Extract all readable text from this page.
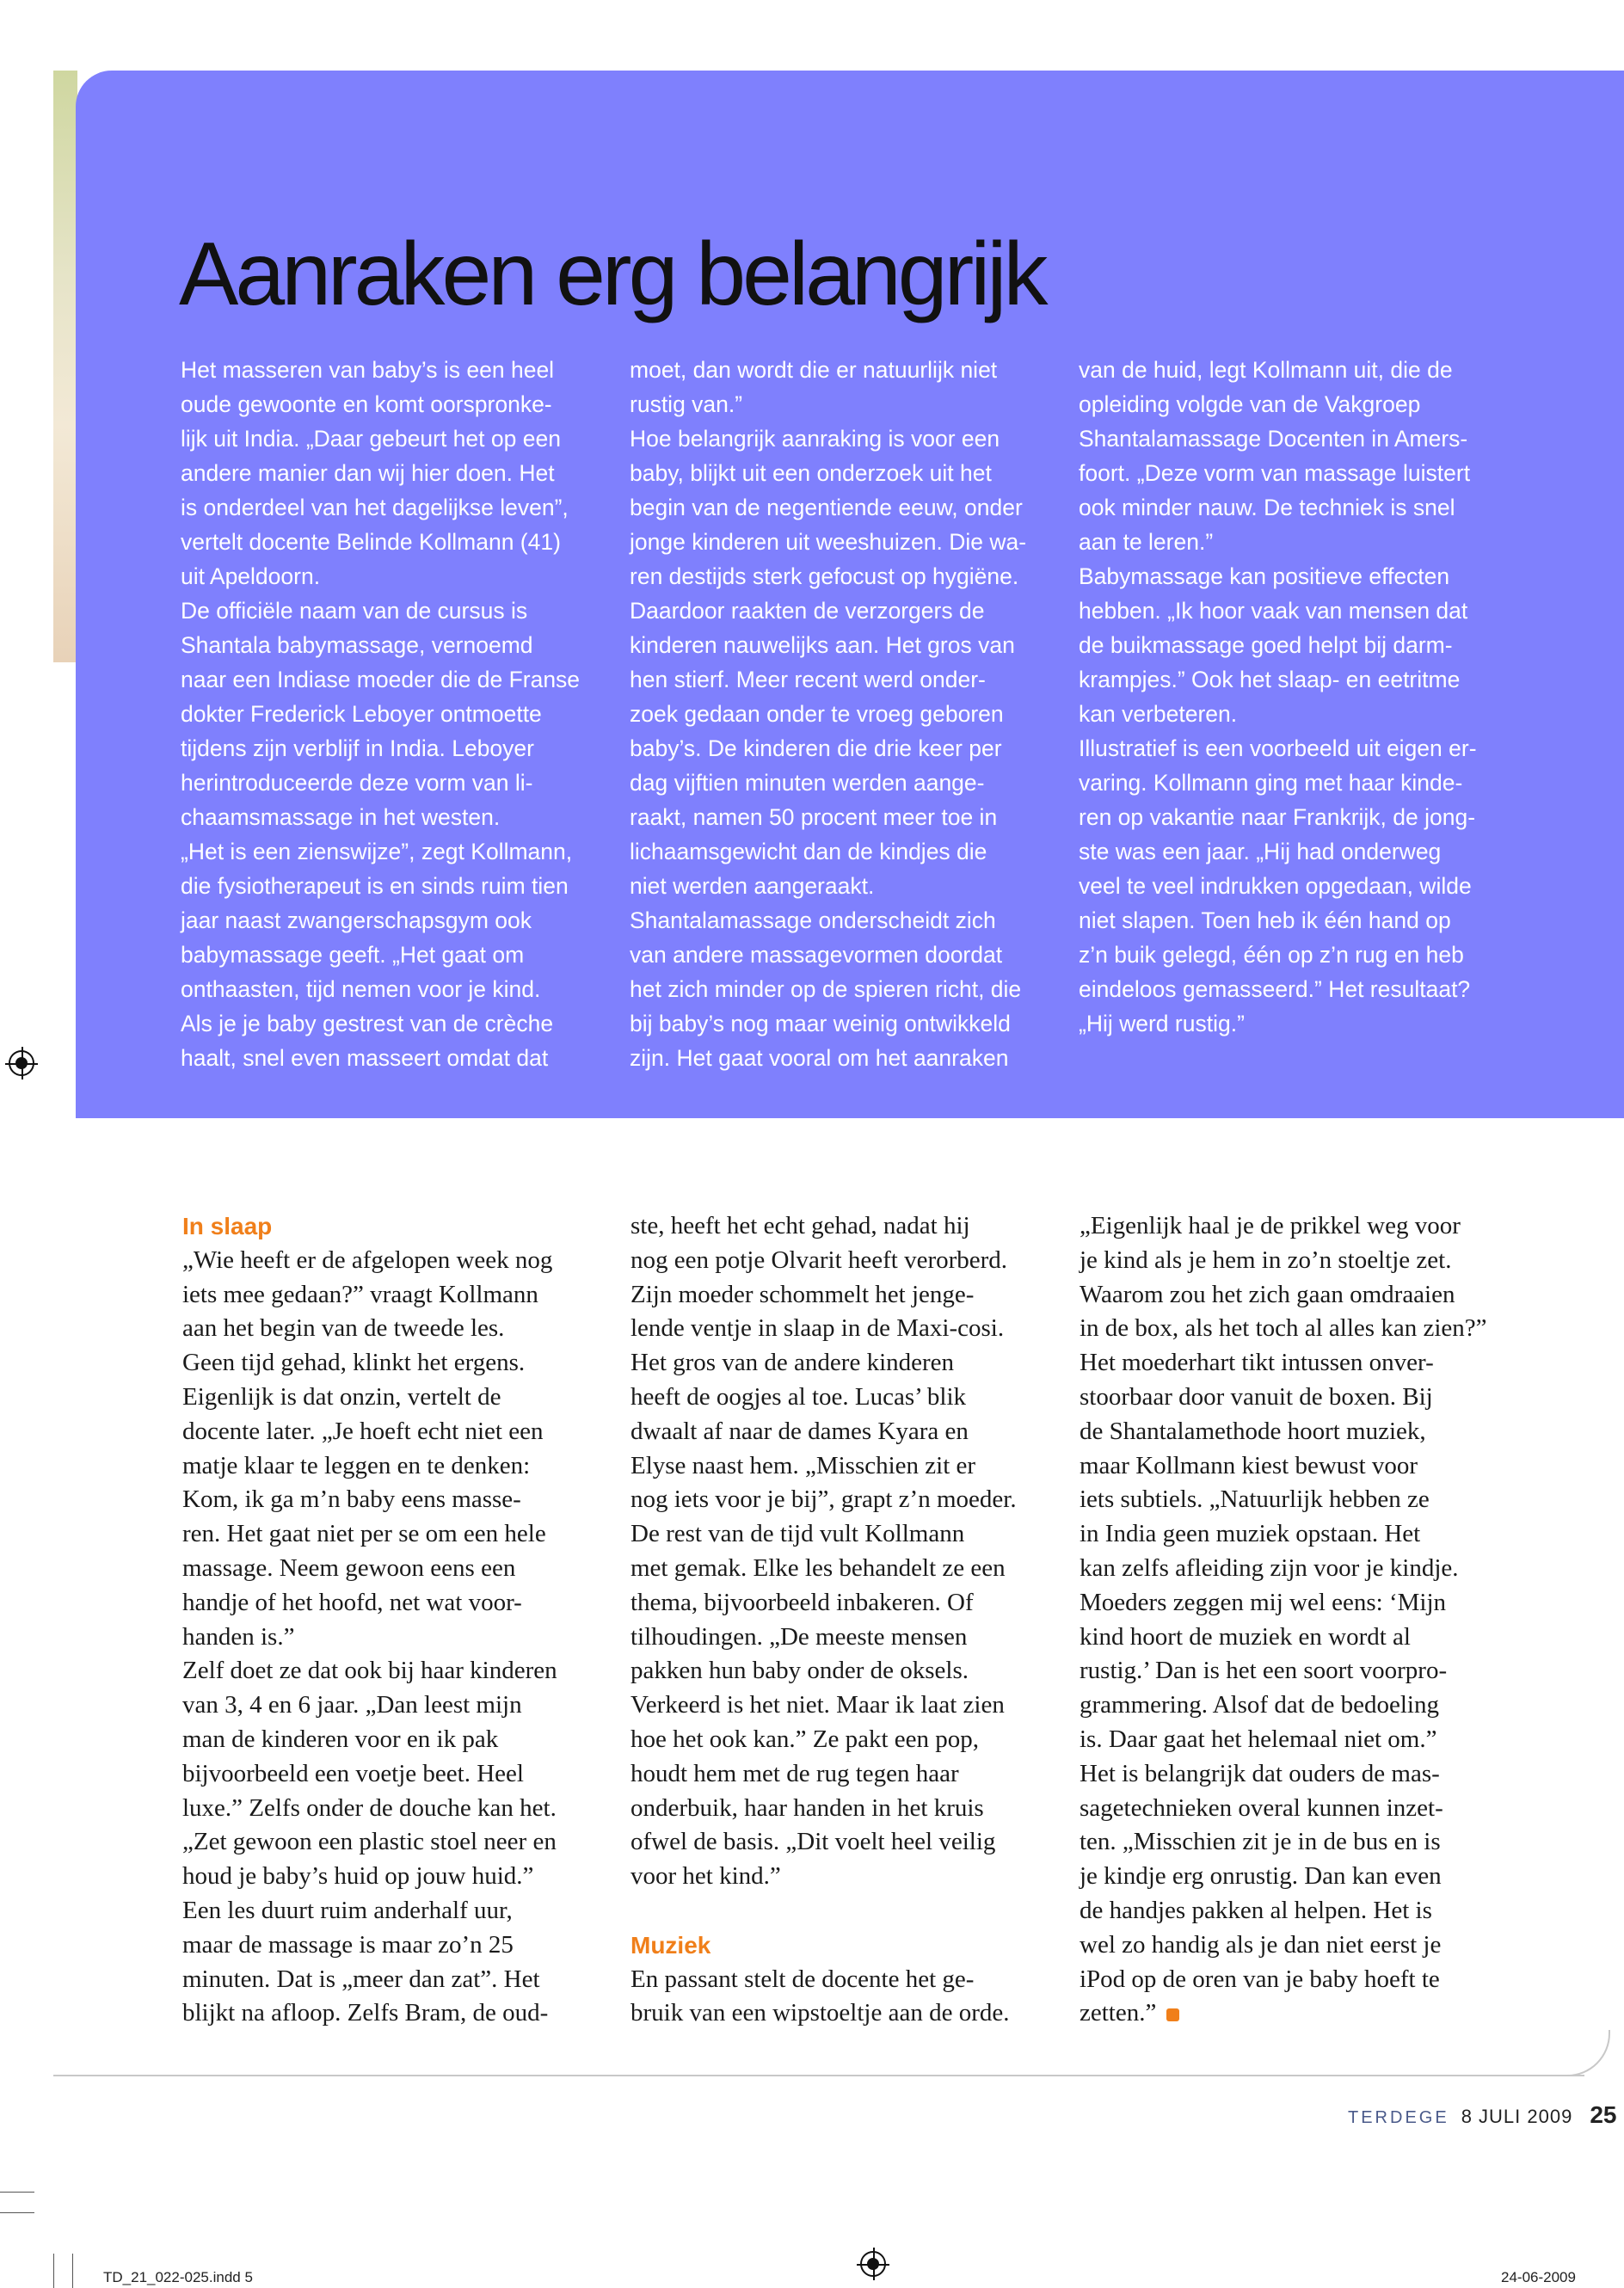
Aanraken erg belangrijk
Het masseren van baby’s is een heel
oude gewoonte en komt oorspronke-
lijk uit India. „Daar gebeurt het op een
andere manier dan wij hier doen. Het
is onderdeel van het dagelijkse leven”,
vertelt docente Belinde Kollmann (41)
uit Apeldoorn.
De officiële naam van de cursus is
Shantala babymassage, vernoemd
naar een Indiase moeder die de Franse
dokter Frederick Leboyer ontmoette
tijdens zijn verblijf in India. Leboyer
herintroduceerde deze vorm van li-
chaamsmassage in het westen.
„Het is een zienswijze”, zegt Kollmann,
die fysiotherapeut is en sinds ruim tien
jaar naast zwangerschapsgym ook
babymassage geeft. „Het gaat om
onthaasten, tijd nemen voor je kind.
Als je je baby gestrest van de crèche
haalt, snel even masseert omdat dat
moet, dan wordt die er natuurlijk niet
rustig van.”
Hoe belangrijk aanraking is voor een
baby, blijkt uit een onderzoek uit het
begin van de negentiende eeuw, onder
jonge kinderen uit weeshuizen. Die wa-
ren destijds sterk gefocust op hygiëne.
Daardoor raakten de verzorgers de
kinderen nauwelijks aan. Het gros van
hen stierf. Meer recent werd onder-
zoek gedaan onder te vroeg geboren
baby’s. De kinderen die drie keer per
dag vijftien minuten werden aange-
raakt, namen 50 procent meer toe in
lichaamsgewicht dan de kindjes die
niet werden aangeraakt.
Shantalamassage onderscheidt zich
van andere massagevormen doordat
het zich minder op de spieren richt, die
bij baby’s nog maar weinig ontwikkeld
zijn. Het gaat vooral om het aanraken
van de huid, legt Kollmann uit, die de
opleiding volgde van de Vakgroep
Shantalamassage Docenten in Amers-
foort. „Deze vorm van massage luistert
ook minder nauw. De techniek is snel
aan te leren.”
Babymassage kan positieve effecten
hebben. „Ik hoor vaak van mensen dat
de buikmassage goed helpt bij darm-
krampjes.” Ook het slaap- en eetritme
kan verbeteren.
Illustratief is een voorbeeld uit eigen er-
varing. Kollmann ging met haar kinde-
ren op vakantie naar Frankrijk, de jong-
ste was een jaar. „Hij had onderweg
veel te veel indrukken opgedaan, wilde
niet slapen. Toen heb ik één hand op
z’n buik gelegd, één op z’n rug en heb
eindeloos gemasseerd.” Het resultaat?
„Hij werd rustig.”
In slaap
„Wie heeft er de afgelopen week nog
iets mee gedaan?” vraagt Kollmann
aan het begin van de tweede les.
Geen tijd gehad, klinkt het ergens.
Eigenlijk is dat onzin, vertelt de
docente later. „Je hoeft echt niet een
matje klaar te leggen en te denken:
Kom, ik ga m’n baby eens masse-
ren. Het gaat niet per se om een hele
massage. Neem gewoon eens een
handje of het hoofd, net wat voor-
handen is.”
Zelf doet ze dat ook bij haar kinderen
van 3, 4 en 6 jaar. „Dan leest mijn
man de kinderen voor en ik pak
bijvoorbeeld een voetje beet. Heel
luxe.” Zelfs onder de douche kan het.
„Zet gewoon een plastic stoel neer en
houd je baby’s huid op jouw huid.”
Een les duurt ruim anderhalf uur,
maar de massage is maar zo’n 25
minuten. Dat is „meer dan zat”. Het
blijkt na afloop. Zelfs Bram, de oud-
ste, heeft het echt gehad, nadat hij
nog een potje Olvarit heeft verorberd.
Zijn moeder schommelt het jenge-
lende ventje in slaap in de Maxi-cosi.
Het gros van de andere kinderen
heeft de oogjes al toe. Lucas’ blik
dwaalt af naar de dames Kyara en
Elyse naast hem. „Misschien zit er
nog iets voor je bij”, grapt z’n moeder.
De rest van de tijd vult Kollmann
met gemak. Elke les behandelt ze een
thema, bijvoorbeeld inbakeren. Of
tilhoudingen. „De meeste mensen
pakken hun baby onder de oksels.
Verkeerd is het niet. Maar ik laat zien
hoe het ook kan.” Ze pakt een pop,
houdt hem met de rug tegen haar
onderbuik, haar handen in het kruis
ofwel de basis. „Dit voelt heel veilig
voor het kind.”
Muziek
En passant stelt de docente het ge-
bruik van een wipstoeltje aan de orde.
„Eigenlijk haal je de prikkel weg voor
je kind als je hem in zo’n stoeltje zet.
Waarom zou het zich gaan omdraaien
in de box, als het toch al alles kan zien?”
Het moederhart tikt intussen onver-
stoorbaar door vanuit de boxen. Bij
de Shantalamethode hoort muziek,
maar Kollmann kiest bewust voor
iets subtiels. „Natuurlijk hebben ze
in India geen muziek opstaan. Het
kan zelfs afleiding zijn voor je kindje.
Moeders zeggen mij wel eens: ‘Mijn
kind hoort de muziek en wordt al
rustig.’ Dan is het een soort voorpro-
grammering. Alsof dat de bedoeling
is. Daar gaat het helemaal niet om.”
Het is belangrijk dat ouders de mas-
sagetechnieken overal kunnen inzet-
ten. „Misschien zit je in de bus en is
je kindje erg onrustig. Dan kan even
de handjes pakken al helpen. Het is
wel zo handig als je dan niet eerst je
iPod op de oren van je baby hoeft te
zetten.”
TERDEGE 8 JULI 2009 25
TD_21_022-025.indd 5	24-06-2009
